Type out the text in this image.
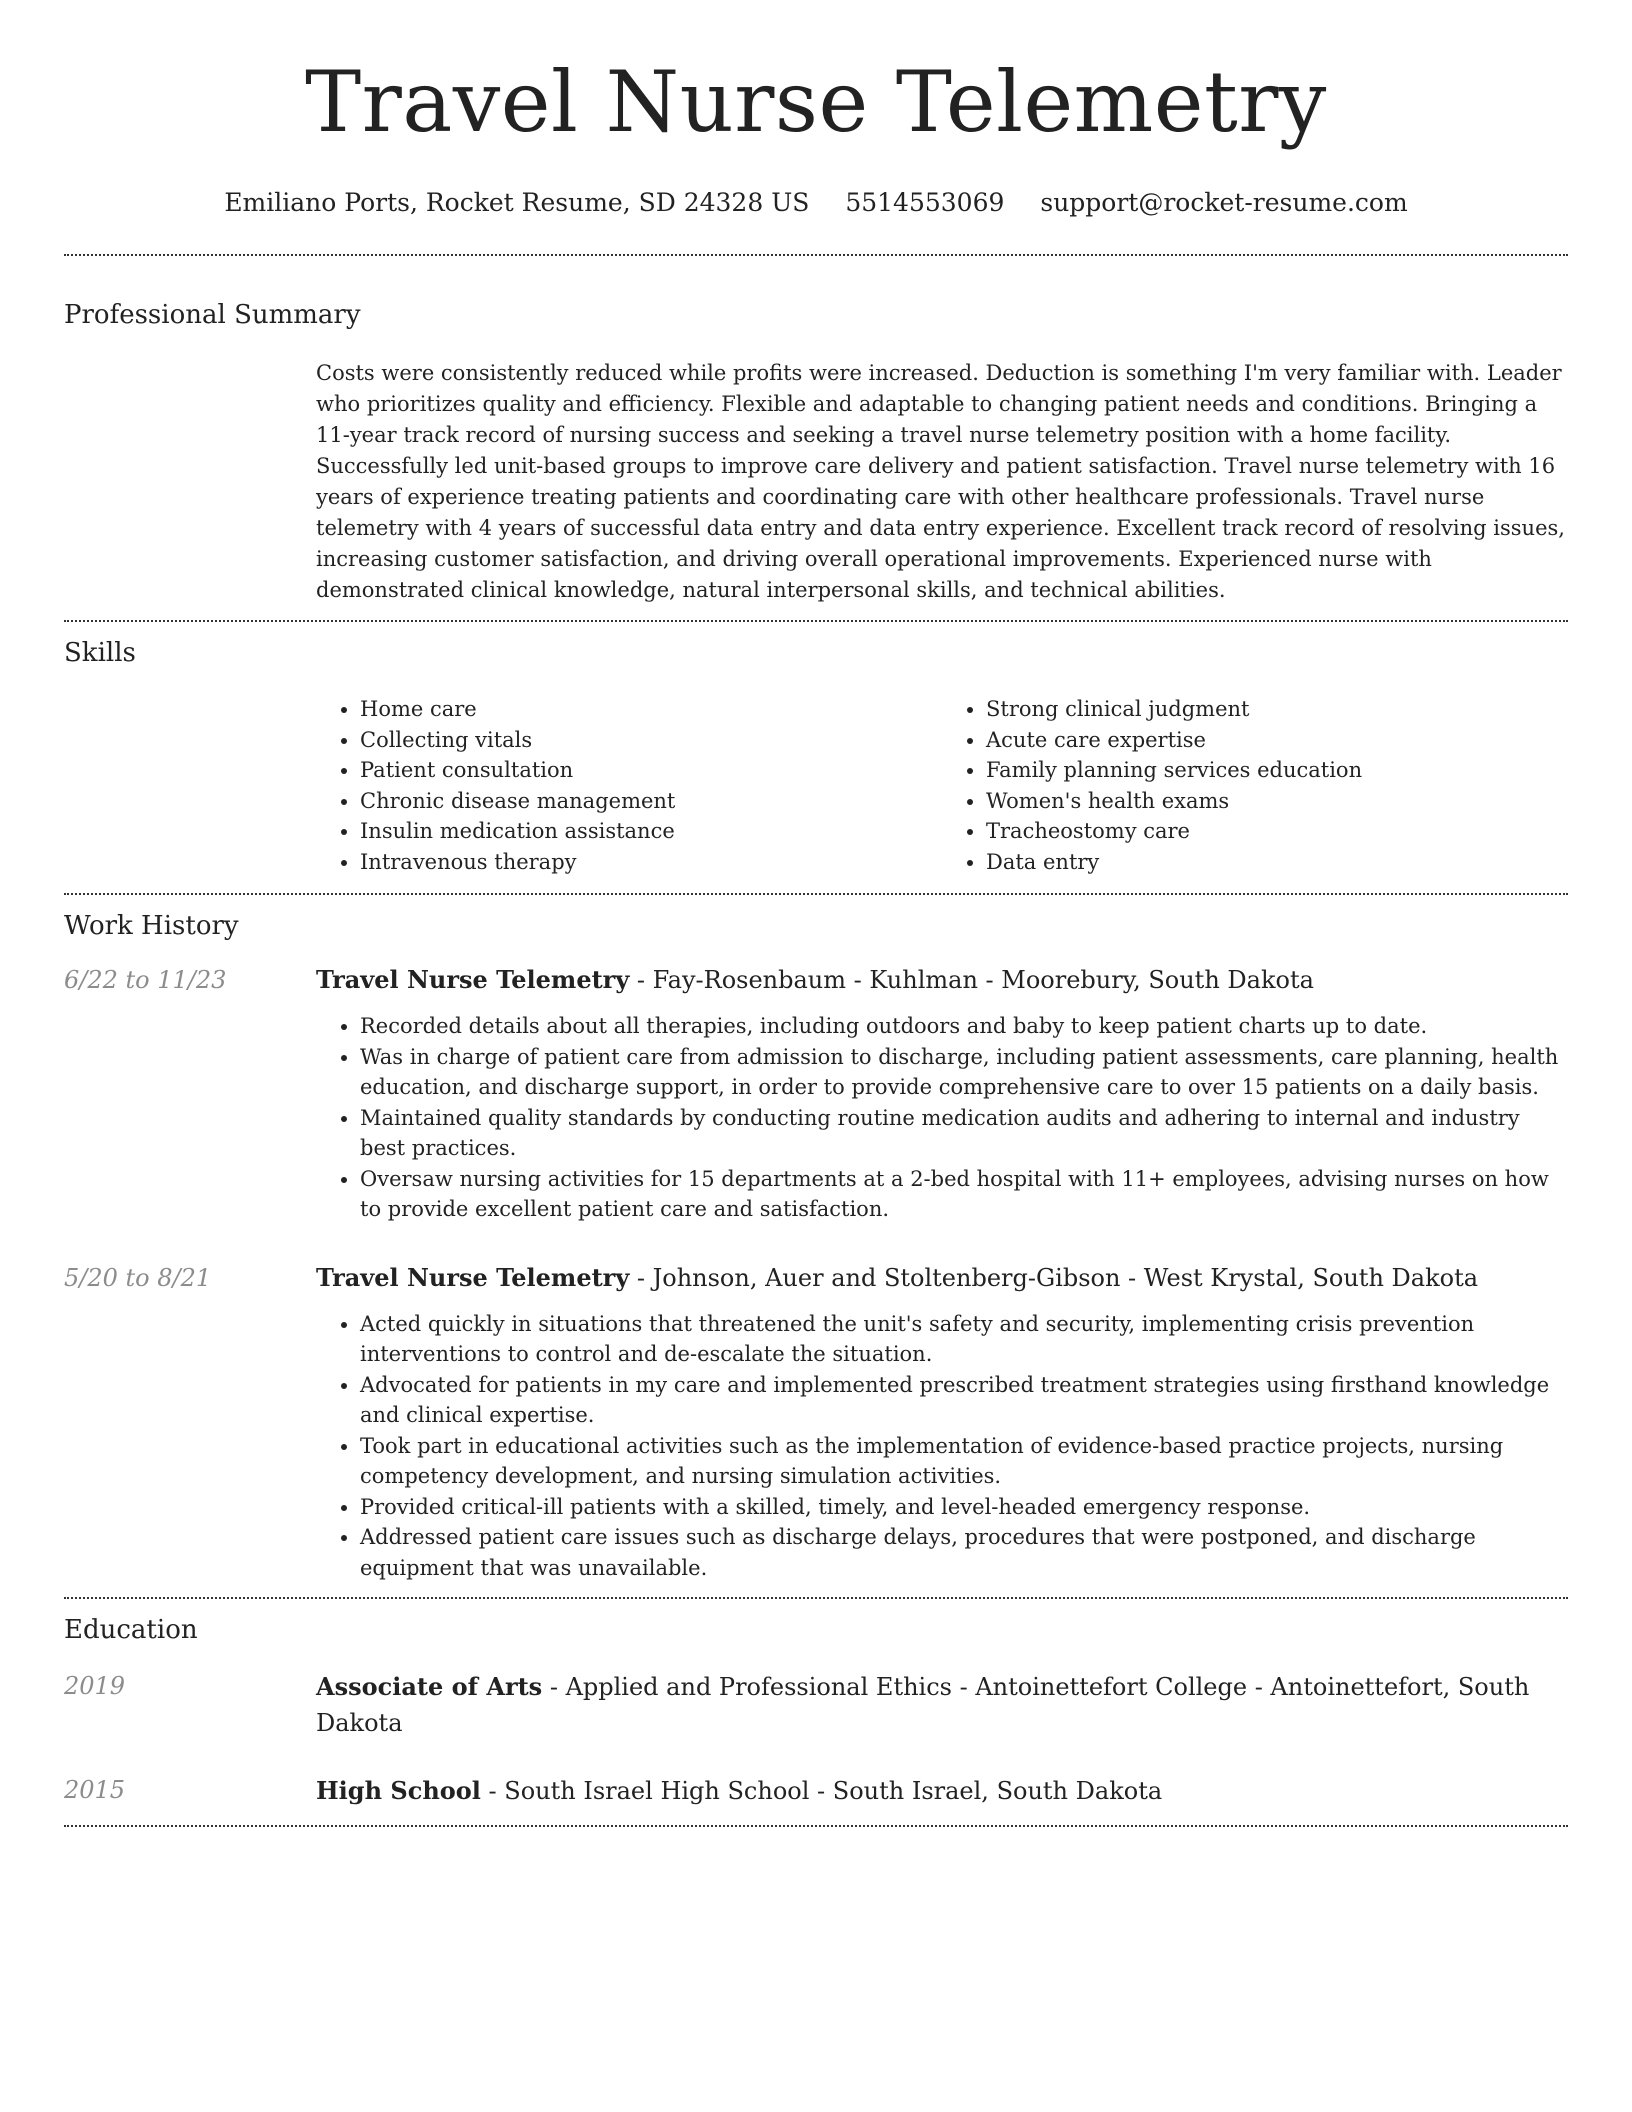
Travel Nurse Telemetry
Emiliano Ports, Rocket Resume, SD 24328 US 5514553069 support@rocket-resume.com
Professional Summary
Costs were consistently reduced while profits were increased. Deduction is something I'm very familiar with. Leader who prioritizes quality and efficiency. Flexible and adaptable to changing patient needs and conditions. Bringing a 11-year track record of nursing success and seeking a travel nurse telemetry position with a home facility. Successfully led unit-based groups to improve care delivery and patient satisfaction. Travel nurse telemetry with 16 years of experience treating patients and coordinating care with other healthcare professionals. Travel nurse telemetry with 4 years of successful data entry and data entry experience. Excellent track record of resolving issues, increasing customer satisfaction, and driving overall operational improvements. Experienced nurse with demonstrated clinical knowledge, natural interpersonal skills, and technical abilities.
Skills
• Home care
• Collecting vitals
• Patient consultation
• Chronic disease management
• Insulin medication assistance
• Intravenous therapy
• Strong clinical judgment
• Acute care expertise
• Family planning services education
• Women's health exams
• Tracheostomy care
• Data entry
Work History
6/22 to 11/23	Travel Nurse Telemetry - Fay-Rosenbaum - Kuhlman - Moorebury, South Dakota
• Recorded details about all therapies, including outdoors and baby to keep patient charts up to date.
• Was in charge of patient care from admission to discharge, including patient assessments, care planning, health education, and discharge support, in order to provide comprehensive care to over 15 patients on a daily basis.
• Maintained quality standards by conducting routine medication audits and adhering to internal and industry best practices.
• Oversaw nursing activities for 15 departments at a 2-bed hospital with 11+ employees, advising nurses on how to provide excellent patient care and satisfaction.
5/20 to 8/21	Travel Nurse Telemetry - Johnson, Auer and Stoltenberg-Gibson - West Krystal, South Dakota
• Acted quickly in situations that threatened the unit's safety and security, implementing crisis prevention interventions to control and de-escalate the situation.
• Advocated for patients in my care and implemented prescribed treatment strategies using firsthand knowledge and clinical expertise.
• Took part in educational activities such as the implementation of evidence-based practice projects, nursing competency development, and nursing simulation activities.
• Provided critical-ill patients with a skilled, timely, and level-headed emergency response.
• Addressed patient care issues such as discharge delays, procedures that were postponed, and discharge equipment that was unavailable.
Education
2019	Associate of Arts - Applied and Professional Ethics - Antoinettefort College - Antoinettefort, South Dakota
2015	High School - South Israel High School - South Israel, South Dakota
